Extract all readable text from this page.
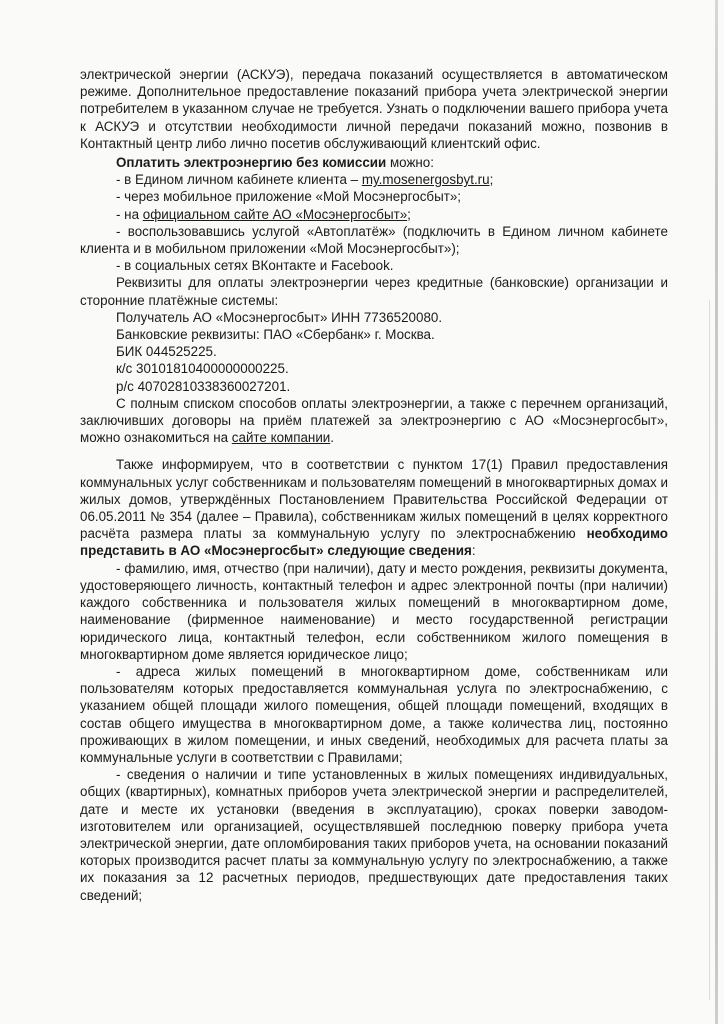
электрической энергии (АСКУЭ), передача показаний осуществляется в автоматическом режиме. Дополнительное предоставление показаний прибора учета электрической энергии потребителем в указанном случае не требуется. Узнать о подключении вашего прибора учета к АСКУЭ и отсутствии необходимости личной передачи показаний можно, позвонив в Контактный центр либо лично посетив обслуживающий клиентский офис.

Оплатить электроэнергию без комиссии можно:

- в Едином личном кабинете клиента – my.mosenergosbyt.ru;

- через мобильное приложение «Мой Мосэнергосбыт»;

- на официальном сайте АО «Мосэнергосбыт»;

- воспользовавшись услугой «Автоплатёж» (подключить в Едином личном кабинете клиента и в мобильном приложении «Мой Мосэнергосбыт»);

- в социальных сетях ВКонтакте и Facebook.

Реквизиты для оплаты электроэнергии через кредитные (банковские) организации и сторонние платёжные системы:

Получатель АО «Мосэнергосбыт» ИНН 7736520080.

Банковские реквизиты: ПАО «Сбербанк» г. Москва.

БИК 044525225.

к/с 30101810400000000225.

р/с 40702810338360027201.

С полным списком способов оплаты электроэнергии, а также с перечнем организаций, заключивших договоры на приём платежей за электроэнергию с АО «Мосэнергосбыт», можно ознакомиться на сайте компании.

Также информируем, что в соответствии с пунктом 17(1) Правил предоставления коммунальных услуг собственникам и пользователям помещений в многоквартирных домах и жилых домов, утверждённых Постановлением Правительства Российской Федерации от 06.05.2011 № 354 (далее – Правила), собственникам жилых помещений в целях корректного расчёта размера платы за коммунальную услугу по электроснабжению необходимо представить в АО «Мосэнергосбыт» следующие сведения:

- фамилию, имя, отчество (при наличии), дату и место рождения, реквизиты документа, удостоверяющего личность, контактный телефон и адрес электронной почты (при наличии) каждого собственника и пользователя жилых помещений в многоквартирном доме, наименование (фирменное наименование) и место государственной регистрации юридического лица, контактный телефон, если собственником жилого помещения в многоквартирном доме является юридическое лицо;

- адреса жилых помещений в многоквартирном доме, собственникам или пользователям которых предоставляется коммунальная услуга по электроснабжению, с указанием общей площади жилого помещения, общей площади помещений, входящих в состав общего имущества в многоквартирном доме, а также количества лиц, постоянно проживающих в жилом помещении, и иных сведений, необходимых для расчета платы за коммунальные услуги в соответствии с Правилами;

- сведения о наличии и типе установленных в жилых помещениях индивидуальных, общих (квартирных), комнатных приборов учета электрической энергии и распределителей, дате и месте их установки (введения в эксплуатацию), сроках поверки заводом-изготовителем или организацией, осуществлявшей последнюю поверку прибора учета электрической энергии, дате опломбирования таких приборов учета, на основании показаний которых производится расчет платы за коммунальную услугу по электроснабжению, а также их показания за 12 расчетных периодов, предшествующих дате предоставления таких сведений;
